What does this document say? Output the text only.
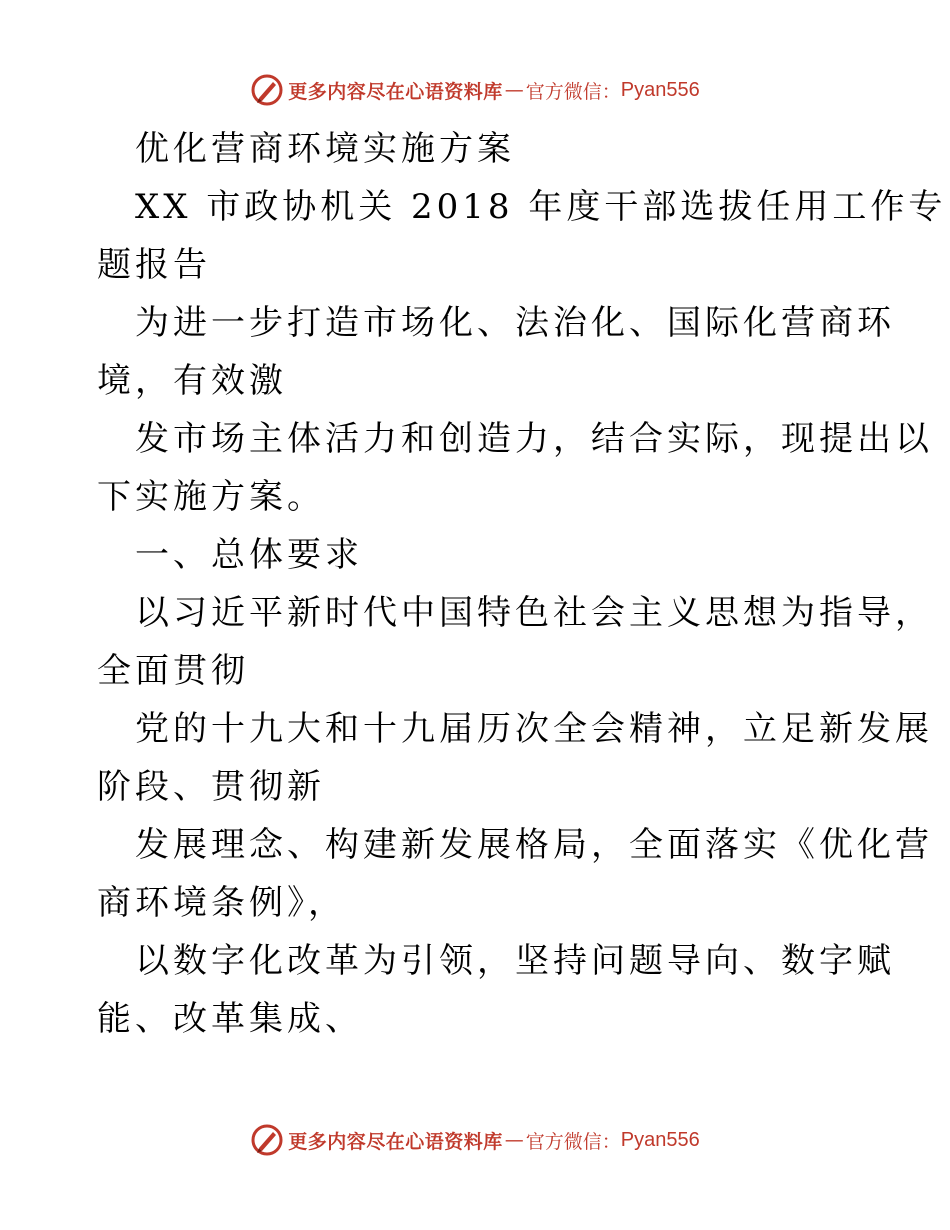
更多内容尽在心语资料库 — 官方微信： Pyan556
优化营商环境实施方案
XX 市政协机关 2018 年度干部选拔任用工作专
题报告
为进一步打造市场化、法治化、国际化营商环
境，有效激
发市场主体活力和创造力，结合实际，现提出以
下实施方案。
一、总体要求
以习近平新时代中国特色社会主义思想为指导，
全面贯彻
党的十九大和十九届历次全会精神，立足新发展
阶段、贯彻新
发展理念、构建新发展格局，全面落实《优化营
商环境条例》，
以数字化改革为引领，坚持问题导向、数字赋
能、改革集成、
更多内容尽在心语资料库 — 官方微信： Pyan556
